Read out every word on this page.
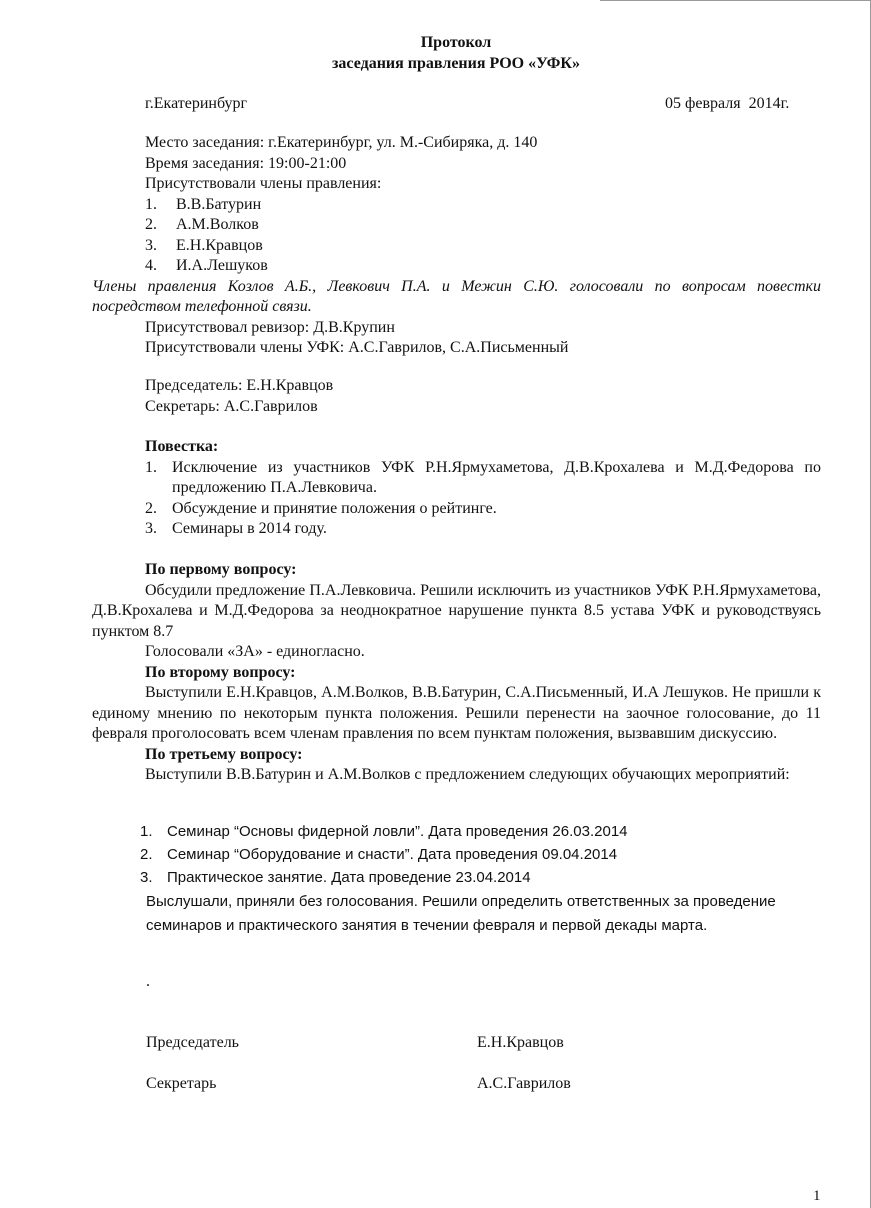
Протокол
заседания правления РОО «УФК»
г.Екатеринбург	05 февраля  2014г.
Место заседания: г.Екатеринбург, ул. М.-Сибиряка, д. 140
Время заседания: 19:00-21:00
Присутствовали члены правления:
1.	В.В.Батурин
2.	А.М.Волков
3.	Е.Н.Кравцов
4.	И.А.Лешуков
Члены правления Козлов А.Б., Левкович П.А. и Межин С.Ю. голосовали по вопросам повестки посредством телефонной связи.
Присутствовал ревизор: Д.В.Крупин
Присутствовали члены УФК: А.С.Гаврилов, С.А.Письменный
Председатель: Е.Н.Кравцов
Секретарь: А.С.Гаврилов
Повестка:
1. Исключение из участников УФК Р.Н.Ярмухаметова, Д.В.Крохалева и М.Д.Федорова по предложению П.А.Левковича.
2. Обсуждение и принятие положения о рейтинге.
3. Семинары в 2014 году.
По первому вопросу:
Обсудили предложение П.А.Левковича. Решили исключить из участников УФК Р.Н.Ярмухаметова, Д.В.Крохалева и М.Д.Федорова за неоднократное нарушение пункта 8.5 устава УФК и руководствуясь пунктом 8.7
Голосовали «ЗА» - единогласно.
По второму вопросу:
Выступили Е.Н.Кравцов, А.М.Волков, В.В.Батурин, С.А.Письменный, И.А Лешуков. Не пришли к единому мнению по некоторым пункта положения. Решили перенести на заочное голосование, до 11 февраля проголосовать всем членам правления по всем пунктам положения, вызвавшим дискуссию.
По третьему вопросу:
Выступили В.В.Батурин и А.М.Волков с предложением следующих обучающих мероприятий:
1. Семинар “Основы фидерной ловли”. Дата проведения 26.03.2014
2. Семинар “Оборудование и снасти”. Дата проведения 09.04.2014
3. Практическое занятие. Дата проведение 23.04.2014
Выслушали, приняли без голосования. Решили определить ответственных за проведение семинаров и практического занятия в течении февраля и первой декады марта.
.
Председатель	Е.Н.Кравцов
Секретарь	А.С.Гаврилов
1
